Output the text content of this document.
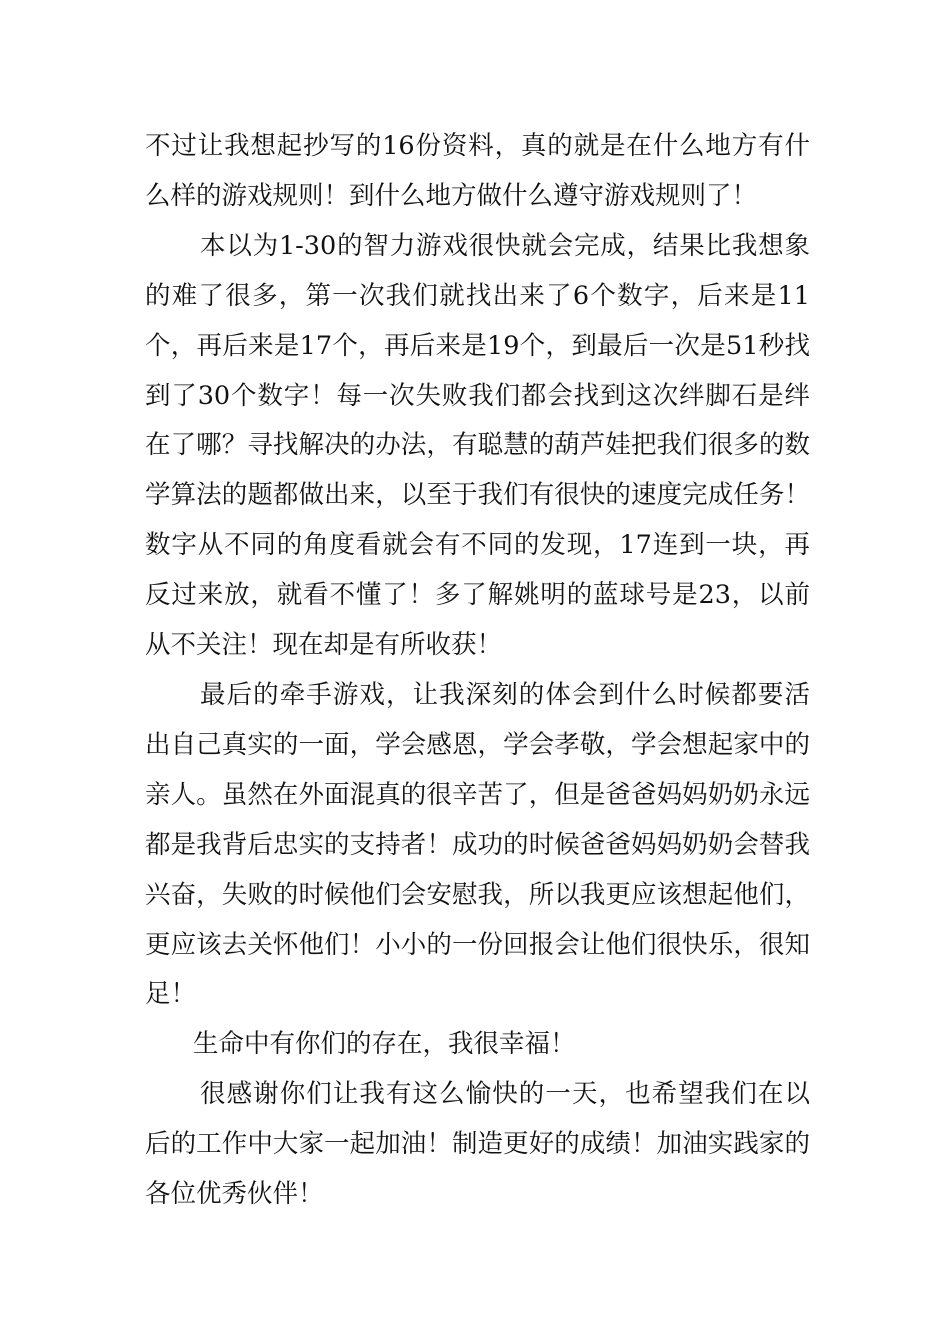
不过让我想起抄写的16份资料，真的就是在什么地方有什么样的游戏规则！到什么地方做什么遵守游戏规则了！

本以为1-30的智力游戏很快就会完成，结果比我想象的难了很多，第一次我们就找出来了6个数字，后来是11个，再后来是17个，再后来是19个，到最后一次是51秒找到了30个数字！每一次失败我们都会找到这次绊脚石是绊在了哪？寻找解决的办法，有聪慧的葫芦娃把我们很多的数学算法的题都做出来，以至于我们有很快的速度完成任务！数字从不同的角度看就会有不同的发现，17连到一块，再反过来放，就看不懂了！多了解姚明的蓝球号是23，以前从不关注！现在却是有所收获！

最后的牵手游戏，让我深刻的体会到什么时候都要活出自己真实的一面，学会感恩，学会孝敬，学会想起家中的亲人。虽然在外面混真的很辛苦了，但是爸爸妈妈奶奶永远都是我背后忠实的支持者！成功的时候爸爸妈妈奶奶会替我兴奋，失败的时候他们会安慰我，所以我更应该想起他们，更应该去关怀他们！小小的一份回报会让他们很快乐，很知足！

生命中有你们的存在，我很幸福！

很感谢你们让我有这么愉快的一天，也希望我们在以后的工作中大家一起加油！制造更好的成绩！加油实践家的各位优秀伙伴！
